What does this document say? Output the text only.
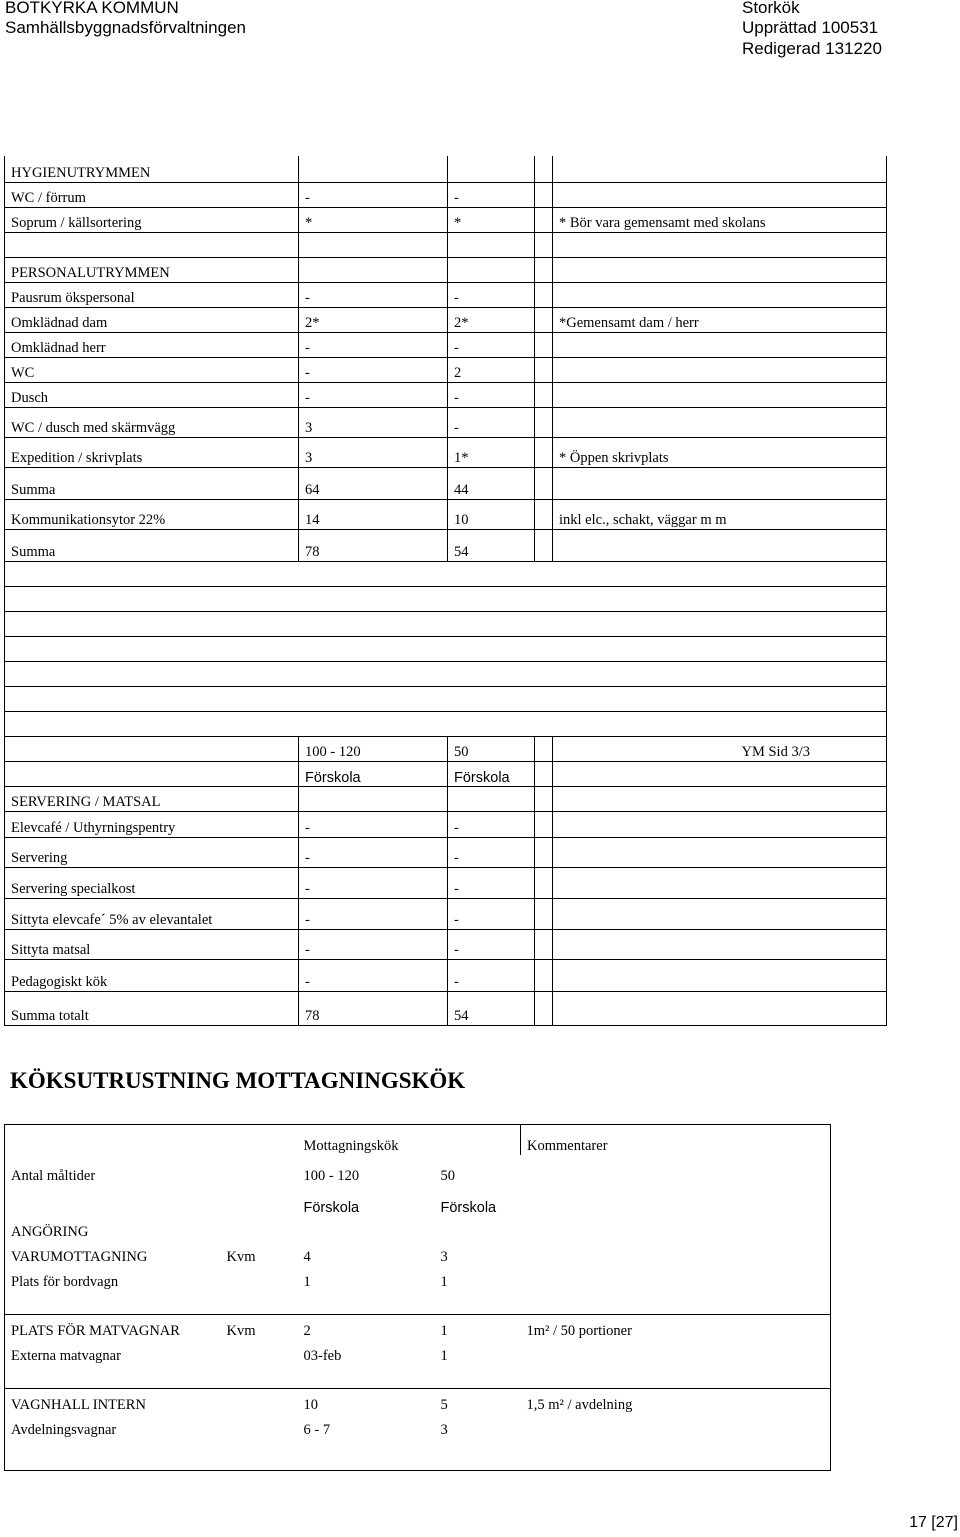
BOTKYRKA KOMMUN
Samhällsbyggnadsförvaltningen
Storkök
Upprättad 100531
Redigerad 131220
HYGIENUTRYMMEN				
WC / förrum	-	-		
Soprum / källsortering	*	*		* Bör vara gemensamt med skolans

PERSONALUTRYMMEN				
Pausrum ökspersonal	-	-		
Omklädnad dam	2*	2*		*Gemensamt dam / herr
Omklädnad herr	-	-		
WC	-	2		
Dusch	-	-		
WC / dusch med skärmvägg	3	-		
Expedition / skrivplats	3	1*		* Öppen skrivplats
Summa	64	44		
Kommunikationsytor 22%	14	10		inkl elc., schakt, väggar m m
Summa	78	54		

	100 - 120	50		YM Sid 3/3
	Förskola	Förskola		
SERVERING / MATSAL				
Elevcafé / Uthyrningspentry	-	-		
Servering	-	-		
Servering specialkost	-	-		
Sittyta elevcafe´ 5% av elevantalet	-	-		
Sittyta matsal	-	-		
Pedagogiskt kök	-	-		
Summa totalt	78	54		
KÖKSUTRUSTNING MOTTAGNINGSKÖK
		Mottagningskök		Kommentarer
Antal måltider		100 - 120	50	
		Förskola	Förskola	
ANGÖRING				
VARUMOTTAGNING	Kvm	4	3	
Plats för bordvagn		1	1	

PLATS FÖR MATVAGNAR	Kvm	2	1	1m² / 50 portioner
Externa matvagnar		03-feb	1	

VAGNHALL INTERN		10	5	1,5 m² / avdelning
Avdelningsvagnar		6 - 7	3	

17 [27]
